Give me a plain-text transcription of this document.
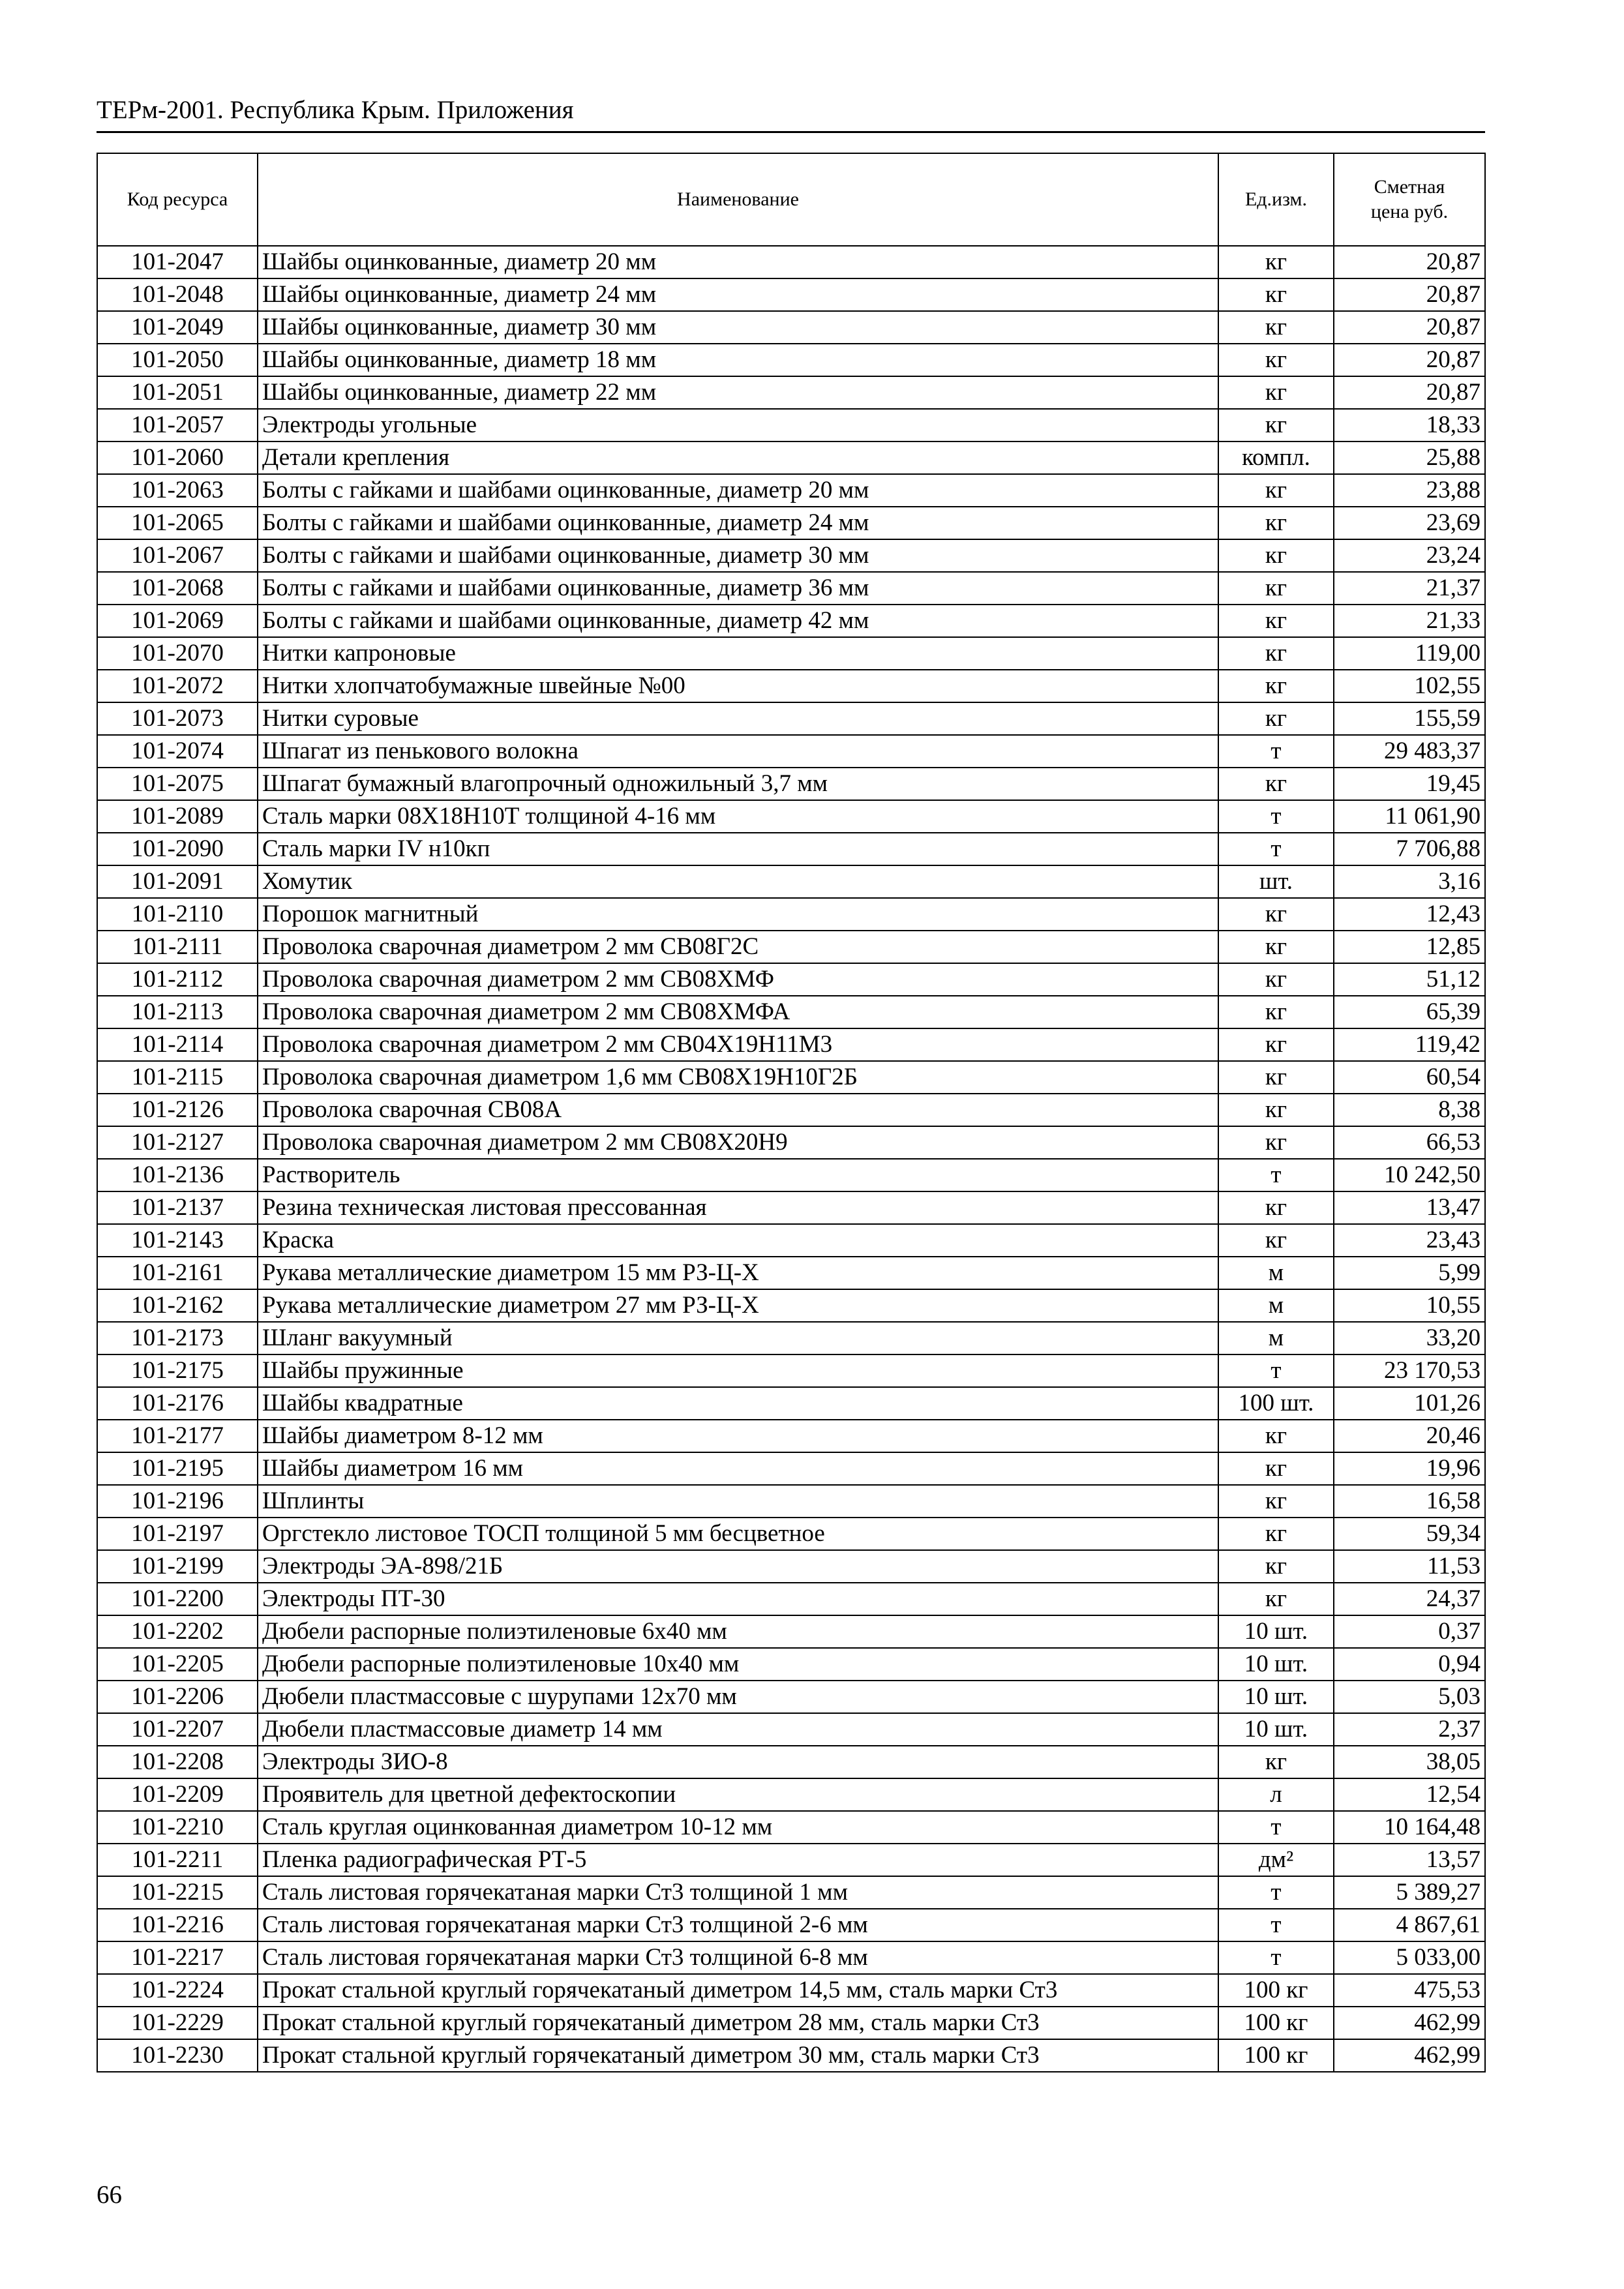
ТЕРм-2001. Республика Крым. Приложения
Код ресурса	Наименование	Ед.изм.	Сметная цена руб.
101-2047	Шайбы оцинкованные, диаметр 20 мм	кг	20,87
101-2048	Шайбы оцинкованные, диаметр 24 мм	кг	20,87
101-2049	Шайбы оцинкованные, диаметр 30 мм	кг	20,87
101-2050	Шайбы оцинкованные, диаметр 18 мм	кг	20,87
101-2051	Шайбы оцинкованные, диаметр 22 мм	кг	20,87
101-2057	Электроды угольные	кг	18,33
101-2060	Детали крепления	компл.	25,88
101-2063	Болты с гайками и шайбами оцинкованные, диаметр 20 мм	кг	23,88
101-2065	Болты с гайками и шайбами оцинкованные, диаметр 24 мм	кг	23,69
101-2067	Болты с гайками и шайбами оцинкованные, диаметр 30 мм	кг	23,24
101-2068	Болты с гайками и шайбами оцинкованные, диаметр 36 мм	кг	21,37
101-2069	Болты с гайками и шайбами оцинкованные, диаметр 42 мм	кг	21,33
101-2070	Нитки капроновые	кг	119,00
101-2072	Нитки хлопчатобумажные швейные №00	кг	102,55
101-2073	Нитки суровые	кг	155,59
101-2074	Шпагат из пенькового волокна	т	29 483,37
101-2075	Шпагат бумажный влагопрочный одножильный 3,7 мм	кг	19,45
101-2089	Сталь марки 08Х18Н10Т толщиной 4-16 мм	т	11 061,90
101-2090	Сталь марки IV н10кп	т	7 706,88
101-2091	Хомутик	шт.	3,16
101-2110	Порошок магнитный	кг	12,43
101-2111	Проволока сварочная диаметром 2 мм СВ08Г2С	кг	12,85
101-2112	Проволока сварочная диаметром 2 мм СВ08ХМФ	кг	51,12
101-2113	Проволока сварочная диаметром 2 мм СВ08ХМФА	кг	65,39
101-2114	Проволока сварочная диаметром 2 мм СВ04Х19Н11М3	кг	119,42
101-2115	Проволока сварочная диаметром 1,6 мм СВ08Х19Н10Г2Б	кг	60,54
101-2126	Проволока сварочная СВ08А	кг	8,38
101-2127	Проволока сварочная диаметром 2 мм СВ08Х20Н9	кг	66,53
101-2136	Растворитель	т	10 242,50
101-2137	Резина техническая листовая прессованная	кг	13,47
101-2143	Краска	кг	23,43
101-2161	Рукава металлические диаметром 15 мм РЗ-Ц-Х	м	5,99
101-2162	Рукава металлические диаметром 27 мм РЗ-Ц-Х	м	10,55
101-2173	Шланг вакуумный	м	33,20
101-2175	Шайбы пружинные	т	23 170,53
101-2176	Шайбы квадратные	100 шт.	101,26
101-2177	Шайбы диаметром 8-12 мм	кг	20,46
101-2195	Шайбы диаметром 16 мм	кг	19,96
101-2196	Шплинты	кг	16,58
101-2197	Оргстекло листовое ТОСП толщиной 5 мм бесцветное	кг	59,34
101-2199	Электроды ЭА-898/21Б	кг	11,53
101-2200	Электроды ПТ-30	кг	24,37
101-2202	Дюбели распорные полиэтиленовые 6х40 мм	10 шт.	0,37
101-2205	Дюбели распорные полиэтиленовые 10х40 мм	10 шт.	0,94
101-2206	Дюбели пластмассовые с шурупами 12х70 мм	10 шт.	5,03
101-2207	Дюбели пластмассовые диаметр 14 мм	10 шт.	2,37
101-2208	Электроды ЗИО-8	кг	38,05
101-2209	Проявитель для цветной дефектоскопии	л	12,54
101-2210	Сталь круглая оцинкованная диаметром 10-12 мм	т	10 164,48
101-2211	Пленка радиографическая РТ-5	дм²	13,57
101-2215	Сталь листовая горячекатаная марки Ст3 толщиной 1 мм	т	5 389,27
101-2216	Сталь листовая горячекатаная марки Ст3 толщиной 2-6 мм	т	4 867,61
101-2217	Сталь листовая горячекатаная марки Ст3 толщиной 6-8 мм	т	5 033,00
101-2224	Прокат стальной круглый горячекатаный диметром 14,5 мм, сталь марки Ст3	100 кг	475,53
101-2229	Прокат стальной круглый горячекатаный диметром 28 мм, сталь марки Ст3	100 кг	462,99
101-2230	Прокат стальной круглый горячекатаный диметром 30 мм, сталь марки Ст3	100 кг	462,99
66
